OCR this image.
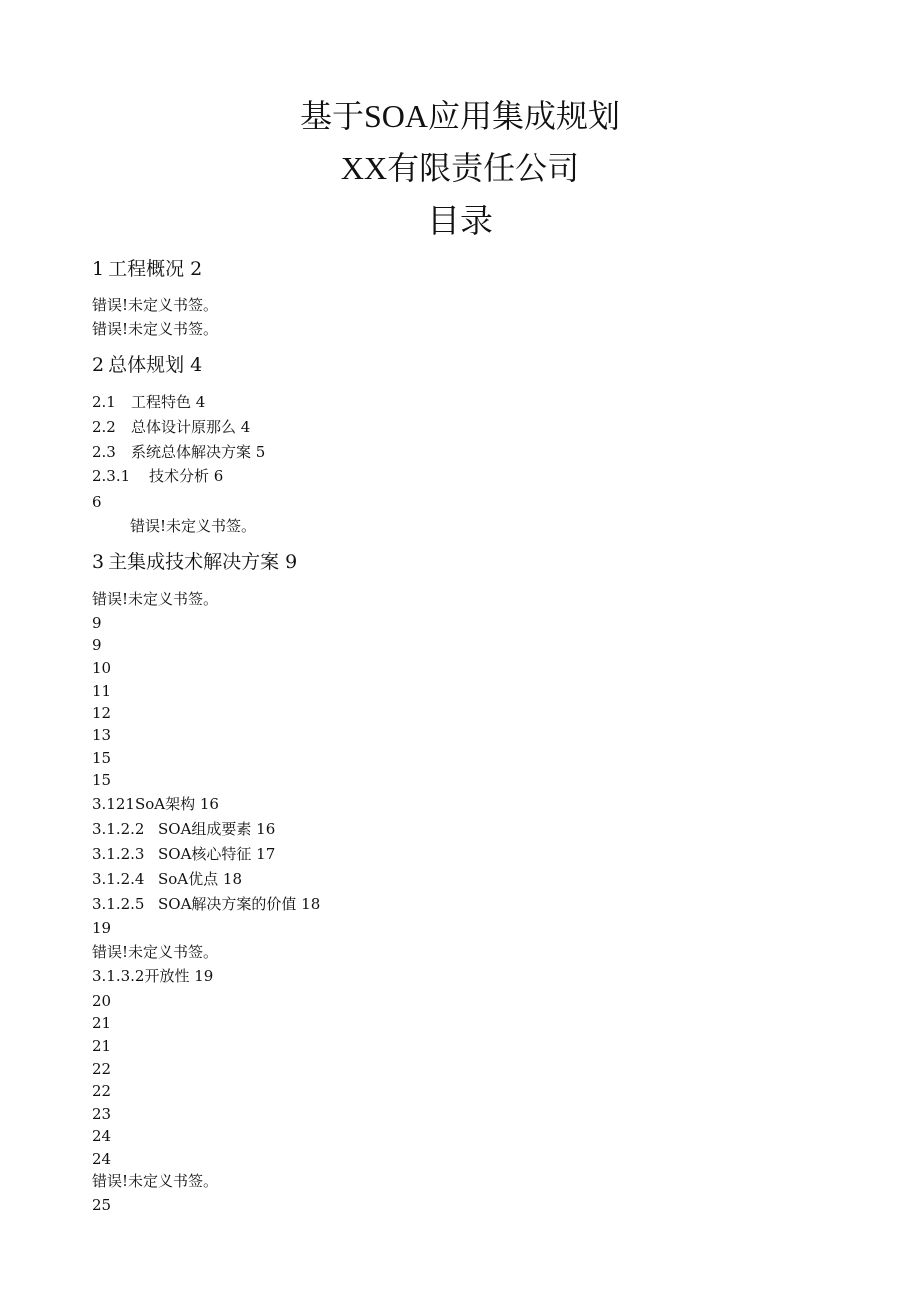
基于SOA应用集成规划
XX有限责任公司
目录
1 工程概况 2
错误!未定义书签。
错误!未定义书签。
2 总体规划 4
2.1 工程特色 4
2.2 总体设计原那么 4
2.3 系统总体解决方案 5
2.3.1 技术分析 6
6
错误!未定义书签。
3 主集成技术解决方案 9
错误!未定义书签。
9
9
10
11
12
13
15
15
3.121SoA架构 16
3.1.2.2 SOA组成要素 16
3.1.2.3 SOA核心特征 17
3.1.2.4 SoA优点 18
3.1.2.5 SOA解决方案的价值 18
19
错误!未定义书签。
3.1.3.2开放性 19
20
21
21
22
22
23
24
24
错误!未定义书签。
25
